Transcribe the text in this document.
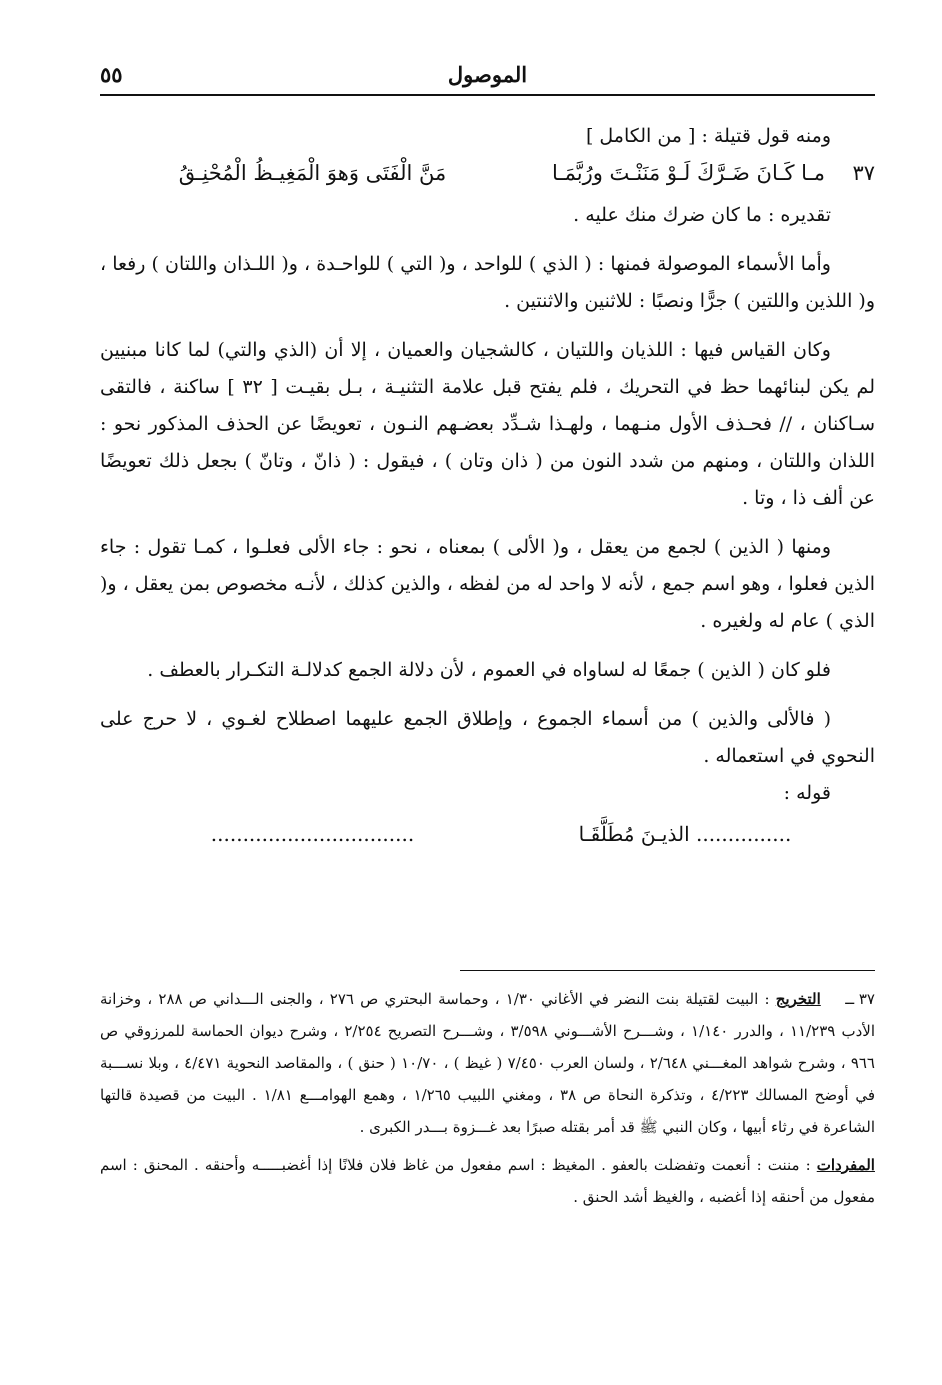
الموصول
٥٥

ومنه قول قتيلة : [ من الكامل ]

٣٧
مـا كَـانَ ضَـرَّكَ لَـوْ مَنَنْـتَ ورُبَّمَـا
مَنَّ الْفَتَى وَهوَ الْمَغِيـظُ الْمُحْنِـقُ

تقديره : ما كان ضرك منك عليه .

وأما الأسماء الموصولة فمنها : ( الذي ) للواحد ، و( التي ) للواحـدة ، و( اللـذان واللتان ) رفعا ، و( اللذين واللتين ) جرًّا ونصبًا : للاثنين والاثنتين .

وكان القياس فيها : اللذيان واللتيان ، كالشجيان والعميان ، إلا أن (الذي والتي) لما كانا مبنيين لم يكن لبنائهما حظ في التحريك ، فلم يفتح قبل علامة التثنيـة ، بـل بقيـت [ ٣٢ ] ساكنة ، فالتقى سـاكنان ، // فحـذف الأول منـهما ، ولهـذا شـدِّد بعضـهم النـون ، تعويضًا عن الحذف المذكور نحو : اللذان واللتان ، ومنهم من شدد النون من ( ذان وتان ) ، فيقول : ( ذانّ ، وتانّ ) بجعل ذلك تعويضًا عن ألف ذا ، وتا .

ومنها ( الذين ) لجمع من يعقل ، و( الألى ) بمعناه ، نحو : جاء الألى فعلـوا ، كمـا تقول : جاء الذين فعلوا ، وهو اسم جمع ، لأنه لا واحد له من لفظه ، والذين كذلك ، لأنـه مخصوص بمن يعقل ، و( الذي ) عام له ولغيره .

فلو كان ( الذين ) جمعًا له لساواه في العموم ، لأن دلالة الجمع كدلالـة التكـرار بالعطف .

( فالألى والذين ) من أسماء الجموع ، وإطلاق الجمع عليهما اصطلاح لغـوي ، لا حرج على النحوي في استعماله .

قوله :

............... الذيـنَ مُطَلَّقَـا
................................

٣٧ ــ التخريج : البيت لقتيلة بنت النضر في الأغاني ١/٣٠ ، وحماسة البحتري ص ٢٧٦ ، والجنى الـــداني ص ٢٨٨ ، وخزانة الأدب ١١/٢٣٩ ، والدرر ١/١٤٠ ، وشـــرح الأشـــوني ٣/٥٩٨ ، وشـــرح التصريح ٢/٢٥٤ ، وشرح ديوان الحماسة للمرزوقي ص ٩٦٦ ، وشرح شواهد المغـــني ٢/٦٤٨ ، ولسان العرب ٧/٤٥٠ ( غيظ ) ، ١٠/٧٠ ( حنق ) ، والمقاصد النحوية ٤/٤٧١ ، وبلا نســـبة في أوضح المسالك ٤/٢٢٣ ، وتذكرة النحاة ص ٣٨ ، ومغني اللبيب ١/٢٦٥ ، وهمع الهوامـــع ١/٨١ . البيت من قصيدة قالتها الشاعرة في رثاء أبيها ، وكان النبي ﷺ قد أمر بقتله صبرًا بعد غـــزوة بـــدر الكبرى .

المفردات : مننت : أنعمت وتفضلت بالعفو . المغيظ : اسم مفعول من غاظ فلان فلانًا إذا أغضبـــــه وأحنقه . المحنق : اسم مفعول من أحنقه إذا أغضبه ، والغيظ أشد الحنق .
